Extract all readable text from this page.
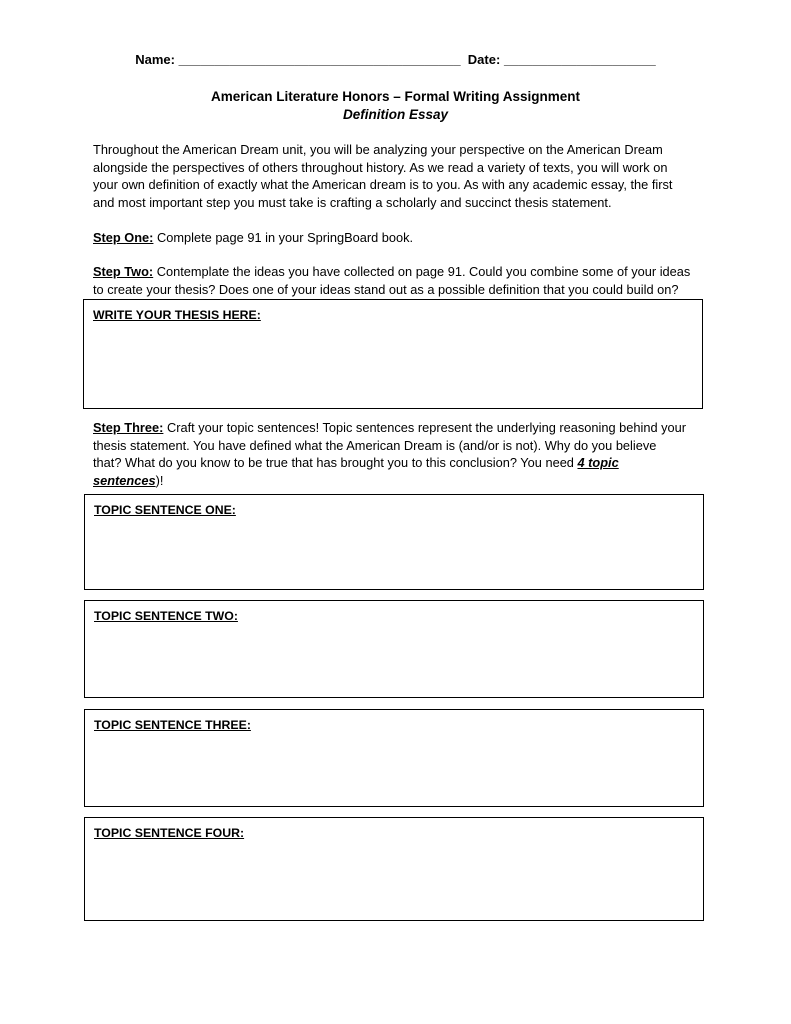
Name: _______________________________________ Date: _____________________
American Literature Honors – Formal Writing Assignment
Definition Essay
Throughout the American Dream unit, you will be analyzing your perspective on the American Dream
alongside the perspectives of others throughout history. As we read a variety of texts, you will work on
your own definition of exactly what the American dream is to you. As with any academic essay, the first
and most important step you must take is crafting a scholarly and succinct thesis statement.
Step One: Complete page 91 in your SpringBoard book.
Step Two: Contemplate the ideas you have collected on page 91. Could you combine some of your ideas
to create your thesis? Does one of your ideas stand out as a possible definition that you could build on?
WRITE YOUR THESIS HERE:
Step Three: Craft your topic sentences! Topic sentences represent the underlying reasoning behind your
thesis statement. You have defined what the American Dream is (and/or is not). Why do you believe
that? What do you know to be true that has brought you to this conclusion? You need 4 topic
sentences)!
TOPIC SENTENCE ONE:
TOPIC SENTENCE TWO:
TOPIC SENTENCE THREE:
TOPIC SENTENCE FOUR:
